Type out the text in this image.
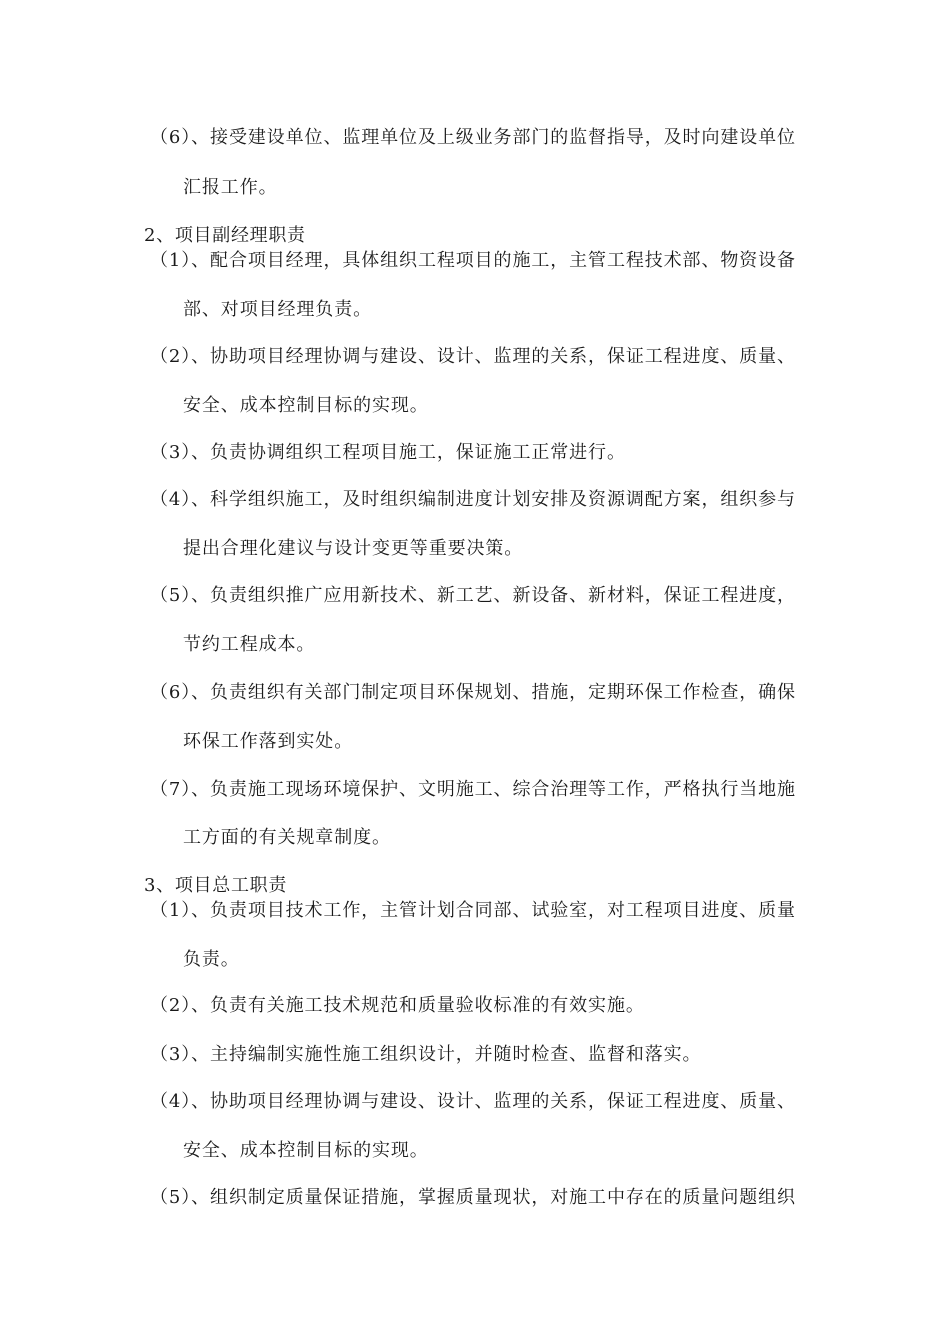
（6）、接受建设单位、监理单位及上级业务部门的监督指导，及时向建设单位
汇报工作。
2、项目副经理职责
（1）、配合项目经理，具体组织工程项目的施工，主管工程技术部、物资设备
部、对项目经理负责。
（2）、协助项目经理协调与建设、设计、监理的关系，保证工程进度、质量、
安全、成本控制目标的实现。
（3）、负责协调组织工程项目施工，保证施工正常进行。
（4）、科学组织施工，及时组织编制进度计划安排及资源调配方案，组织参与
提出合理化建议与设计变更等重要决策。
（5）、负责组织推广应用新技术、新工艺、新设备、新材料，保证工程进度，
节约工程成本。
（6）、负责组织有关部门制定项目环保规划、措施，定期环保工作检查，确保
环保工作落到实处。
（7）、负责施工现场环境保护、文明施工、综合治理等工作，严格执行当地施
工方面的有关规章制度。
3、项目总工职责
（1）、负责项目技术工作，主管计划合同部、试验室，对工程项目进度、质量
负责。
（2）、负责有关施工技术规范和质量验收标准的有效实施。
（3）、主持编制实施性施工组织设计，并随时检查、监督和落实。
（4）、协助项目经理协调与建设、设计、监理的关系，保证工程进度、质量、
安全、成本控制目标的实现。
（5）、组织制定质量保证措施，掌握质量现状，对施工中存在的质量问题组织
